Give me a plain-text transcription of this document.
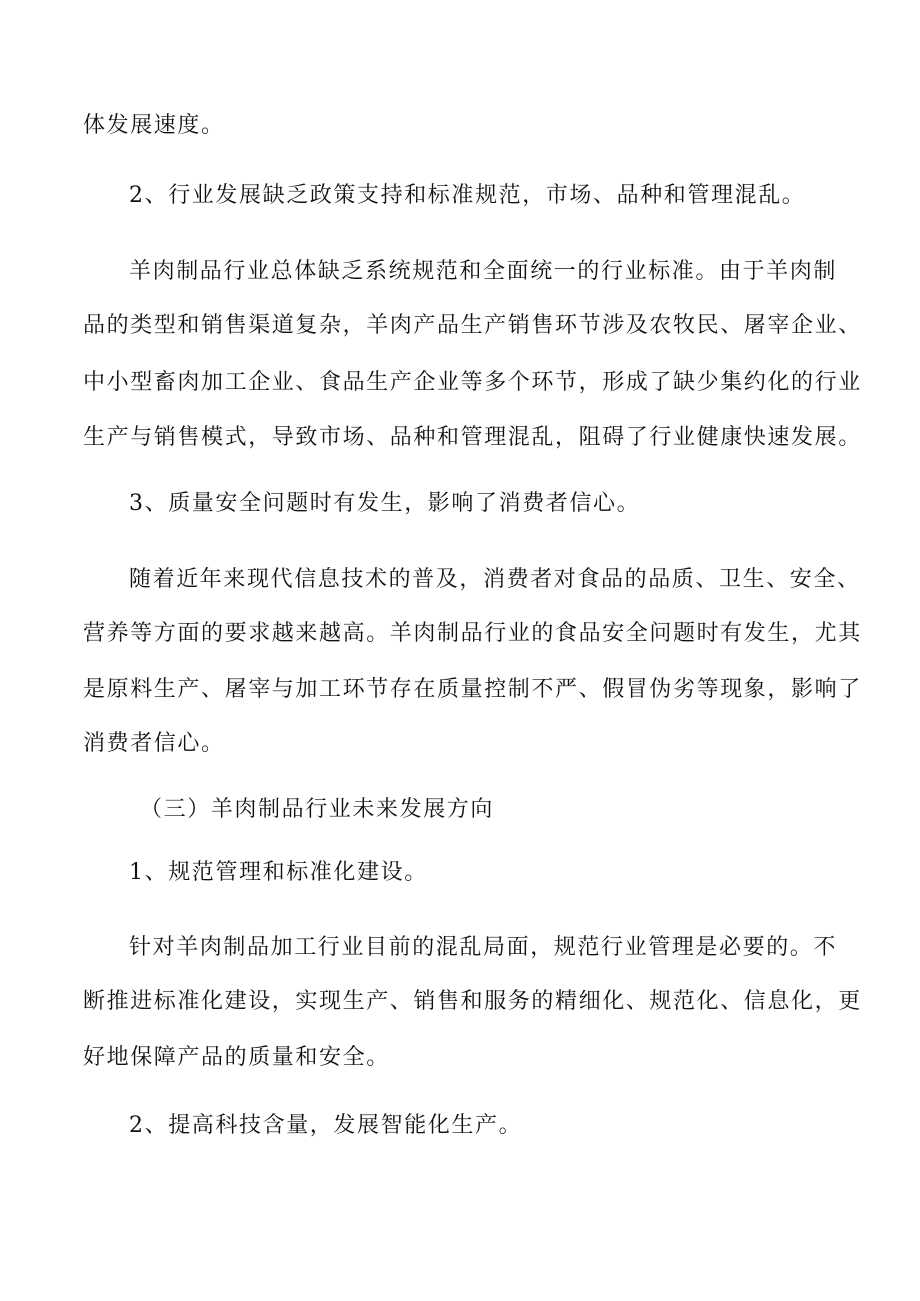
体发展速度。

2、行业发展缺乏政策支持和标准规范，市场、品种和管理混乱。

羊肉制品行业总体缺乏系统规范和全面统一的行业标准。由于羊肉制

品的类型和销售渠道复杂，羊肉产品生产销售环节涉及农牧民、屠宰企业、

中小型畜肉加工企业、食品生产企业等多个环节，形成了缺少集约化的行业

生产与销售模式，导致市场、品种和管理混乱，阻碍了行业健康快速发展。

3、质量安全问题时有发生，影响了消费者信心。

随着近年来现代信息技术的普及，消费者对食品的品质、卫生、安全、

营养等方面的要求越来越高。羊肉制品行业的食品安全问题时有发生，尤其

是原料生产、屠宰与加工环节存在质量控制不严、假冒伪劣等现象，影响了

消费者信心。

（三）羊肉制品行业未来发展方向

1、规范管理和标准化建设。

针对羊肉制品加工行业目前的混乱局面，规范行业管理是必要的。不

断推进标准化建设，实现生产、销售和服务的精细化、规范化、信息化，更

好地保障产品的质量和安全。

2、提高科技含量，发展智能化生产。
